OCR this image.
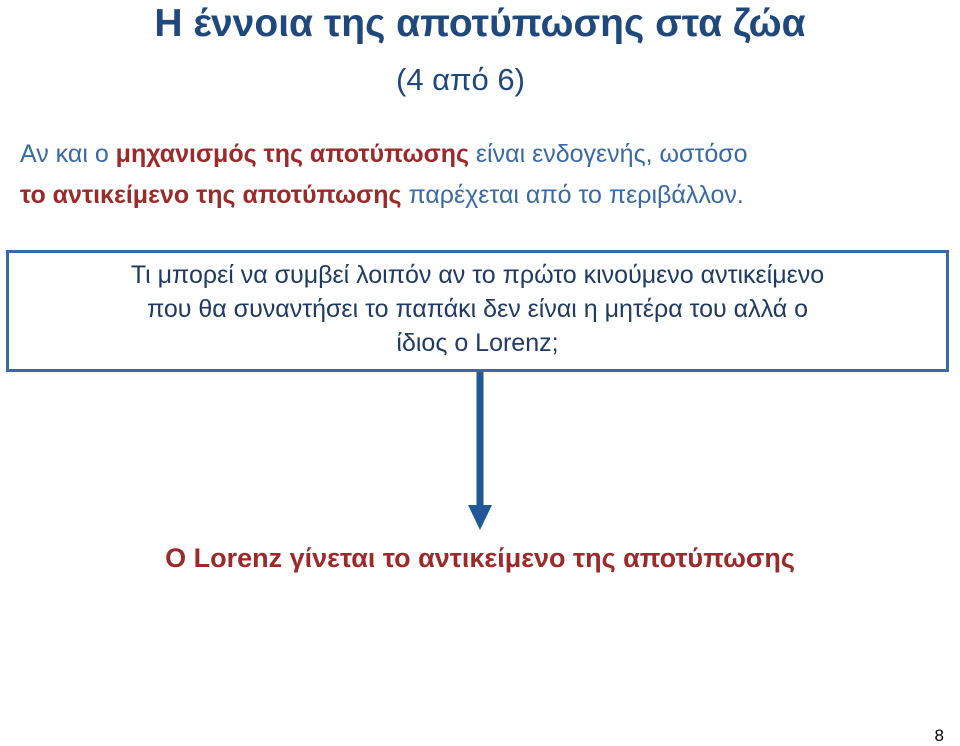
Η έννοια της αποτύπωσης στα ζώα
(4 από 6)
Αν και ο μηχανισμός της αποτύπωσης είναι ενδογενής, ωστόσο
το αντικείμενο της αποτύπωσης παρέχεται από το περιβάλλον.
Τι μπορεί να συμβεί λοιπόν αν το πρώτο κινούμενο αντικείμενο
που θα συναντήσει το παπάκι δεν είναι η μητέρα του αλλά ο
ίδιος ο Lorenz;
Ο Lorenz γίνεται το αντικείμενο της αποτύπωσης
8
